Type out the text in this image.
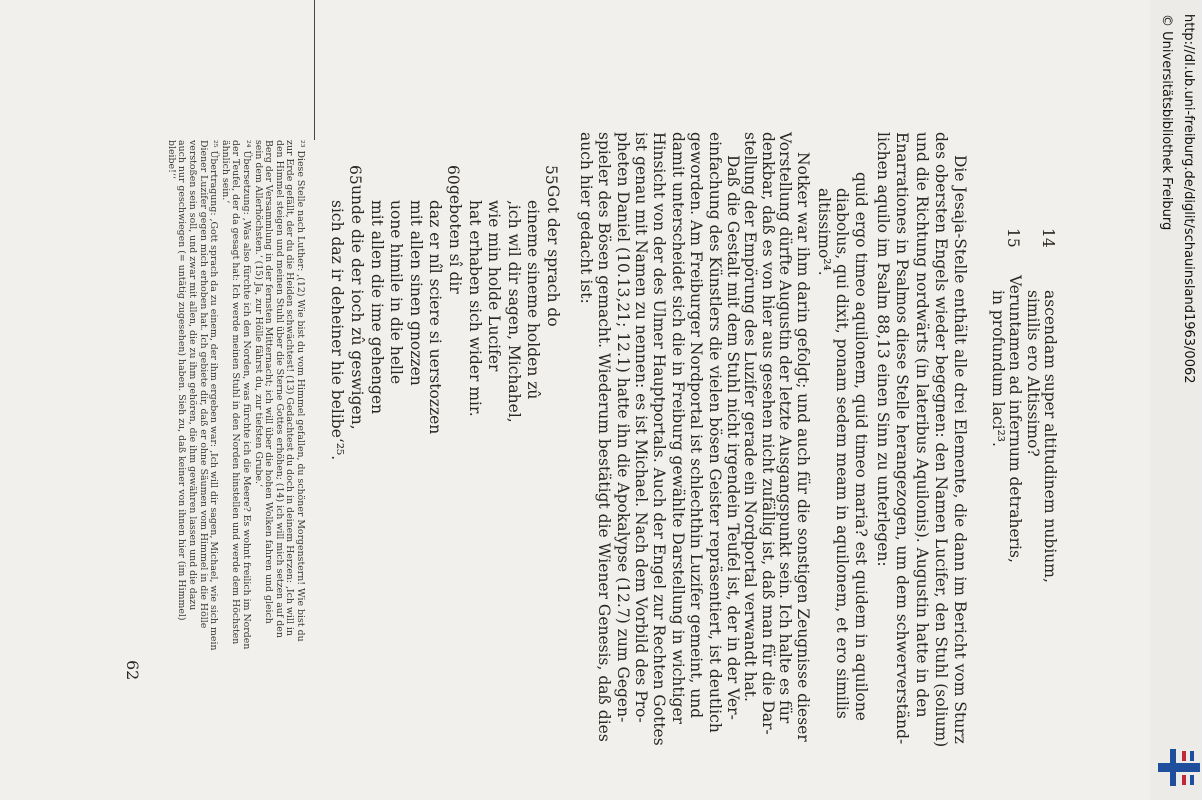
ascendam super altitudinem nubium,
14
similis ero Altissimo?
Veruntamen ad infernum detraheris,
15
in profundum laci²³.
Die Jesaja-Stelle enthält alle drei Elemente, die dann im Bericht vom Sturz
des obersten Engels wieder begegnen: den Namen Lucifer, den Stuhl (solium)
und die Richtung nordwärts (in lateribus Aquilonis). Augustin hatte in den
Enarrationes in Psalmos diese Stelle herangezogen, um dem schwerverständ-
lichen aquilo im Psalm 88,13 einen Sinn zu unterlegen:
quid ergo timeo aquilonem, quid timeo maria? est quidem in aquilone
diabolus, qui dixit, ponam sedem meam in aquilonem, et ero similis
altissimo²⁴.
Notker war ihm darin gefolgt; und auch für die sonstigen Zeugnisse dieser
Vorstellung dürfte Augustin der letzte Ausgangspunkt sein. Ich halte es für
denkbar, daß es von hier aus gesehen nicht zufällig ist, daß man für die Dar-
stellung der Empörung des Luzifer gerade ein Nordportal verwandt hat.
Daß die Gestalt mit dem Stuhl nicht irgendein Teufel ist, der in der Ver-
einfachung des Künstlers die vielen bösen Geister repräsentiert, ist deutlich
geworden. Am Freiburger Nordportal ist schlechthin Luzifer gemeint, und
damit unterscheidet sich die in Freiburg gewählte Darstellung in wichtiger
Hinsicht von der des Ulmer Hauptportals. Auch der Engel zur Rechten Gottes
ist genau mit Namen zu nennen: es ist Michael. Nach dem Vorbild des Pro-
pheten Daniel (10.13,21; 12.1) hatte ihn die Apokalypse (12.7) zum Gegen-
spieler des Bösen gemacht. Wiederum bestätigt die Wiener Genesis, daß dies
auch hier gedacht ist:
Got der sprach do
55
eineme sineme holden zû
‚ich wil dir sagen, Michahel,
wie min holde Lucifer
hat erhaben sich wider mir.
geboten sî dir
60
daz er nîl sciere si uerstozzen
mit allen sinen gnozzen
uone himile in die helle
mit allen die ime gehengen
unde die der ioch zû geswigen,
65
sich daz ir deheiner hie belibe‘²⁵.
²³ Diese Stelle nach Luther: ‚(12) Wie bist du vom Himmel gefallen, du schöner Morgenstern! Wie bist du
zur Erde gefällt, der du die Heiden schwächtest! (13) Gedachtest du doch in deinem Herzen: ‚Ich will in
den Himmel steigen und meinen Stuhl über die Sterne Gottes erhöhen; (14) ich will mich setzen auf den
Berg der Versammlung in der fernsten Mitternacht; ich will über die hohen Wolken fahren und gleich
sein dem Allerhöchsten.‘ (15) Ja, zur Hölle fährst du, zur tiefsten Grube.‘
²⁴ Übersetzung: ‚Was also fürchte ich den Norden, was fürchte ich die Meere? Es wohnt freilich im Norden
der Teufel, der da gesagt hat: Ich werde meinen Stuhl in den Norden hinstellen und werde dem Höchsten
ähnlich sein.‘
²⁵ Übertragung: ‚Gott sprach da zu einem, der ihm ergeben war: ‚Ich will dir sagen, Michael, wie sich mein
Diener Luzifer gegen mich erhoben hat. Ich gebiete dir, daß er ohne Säumen vom Himmel in die Hölle
verstoßen sein soll, und zwar mit allen, die zu ihm gehören, die ihm gewähren lassen und die dazu
auch nur geschwiegen (= untätig zugesehen) haben. Sieh zu, daß keiner von ihnen hier (im Himmel)
bleibe!‘‘
62
http://dl.ub.uni-freiburg.de/diglit/schauinsland1963/0062
© Universitätsbibliothek Freiburg
